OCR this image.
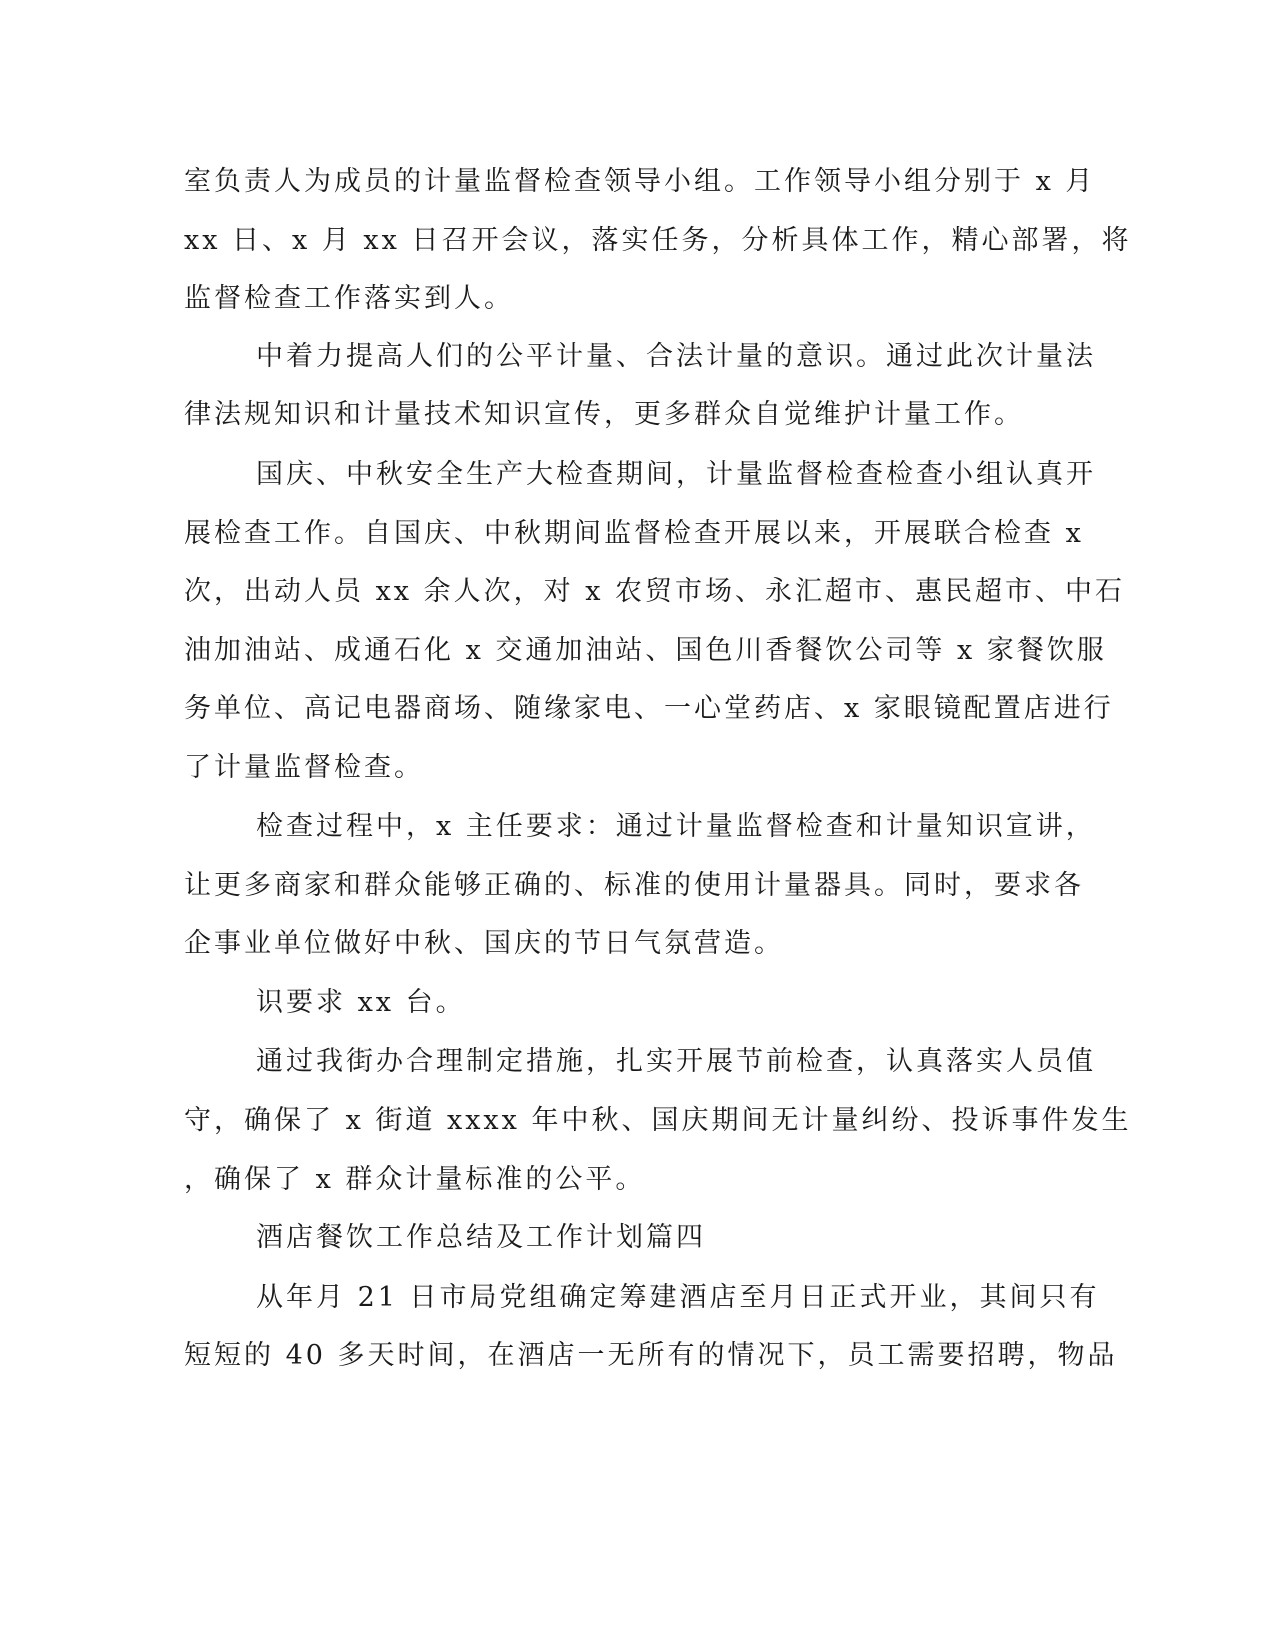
室负责人为成员的计量监督检查领导小组。工作领导小组分别于 x 月
xx 日、x 月 xx 日召开会议，落实任务，分析具体工作，精心部署，将
监督检查工作落实到人。
中着力提高人们的公平计量、合法计量的意识。通过此次计量法
律法规知识和计量技术知识宣传，更多群众自觉维护计量工作。
国庆、中秋安全生产大检查期间，计量监督检查检查小组认真开
展检查工作。自国庆、中秋期间监督检查开展以来，开展联合检查 x
次，出动人员 xx 余人次，对 x 农贸市场、永汇超市、惠民超市、中石
油加油站、成通石化 x 交通加油站、国色川香餐饮公司等 x 家餐饮服
务单位、高记电器商场、随缘家电、一心堂药店、x 家眼镜配置店进行
了计量监督检查。
检查过程中，x 主任要求：通过计量监督检查和计量知识宣讲，
让更多商家和群众能够正确的、标准的使用计量器具。同时，要求各
企事业单位做好中秋、国庆的节日气氛营造。
识要求 xx 台。
通过我街办合理制定措施，扎实开展节前检查，认真落实人员值
守，确保了 x 街道 xxxx 年中秋、国庆期间无计量纠纷、投诉事件发生
，确保了 x 群众计量标准的公平。
酒店餐饮工作总结及工作计划篇四
从年月 21 日市局党组确定筹建酒店至月日正式开业，其间只有
短短的 40 多天时间，在酒店一无所有的情况下，员工需要招聘，物品
